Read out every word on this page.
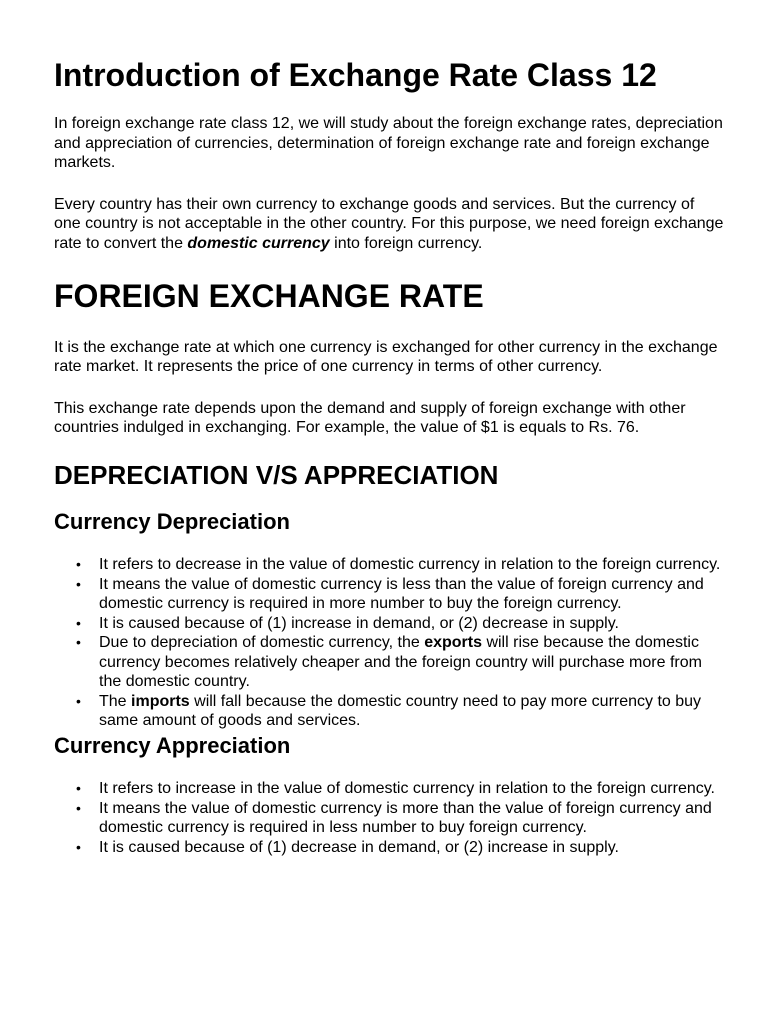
Introduction of Exchange Rate Class 12

In foreign exchange rate class 12, we will study about the foreign exchange rates, depreciation and appreciation of currencies, determination of foreign exchange rate and foreign exchange markets.

Every country has their own currency to exchange goods and services. But the currency of one country is not acceptable in the other country. For this purpose, we need foreign exchange rate to convert the domestic currency into foreign currency.

FOREIGN EXCHANGE RATE

It is the exchange rate at which one currency is exchanged for other currency in the exchange rate market. It represents the price of one currency in terms of other currency.

This exchange rate depends upon the demand and supply of foreign exchange with other countries indulged in exchanging. For example, the value of $1 is equals to Rs. 76.

DEPRECIATION V/S APPRECIATION
Currency Depreciation
• It refers to decrease in the value of domestic currency in relation to the foreign currency.
• It means the value of domestic currency is less than the value of foreign currency and domestic currency is required in more number to buy the foreign currency.
• It is caused because of (1) increase in demand, or (2) decrease in supply.
• Due to depreciation of domestic currency, the exports will rise because the domestic currency becomes relatively cheaper and the foreign country will purchase more from the domestic country.
• The imports will fall because the domestic country need to pay more currency to buy same amount of goods and services.
Currency Appreciation
• It refers to increase in the value of domestic currency in relation to the foreign currency.
• It means the value of domestic currency is more than the value of foreign currency and domestic currency is required in less number to buy foreign currency.
• It is caused because of (1) decrease in demand, or (2) increase in supply.
